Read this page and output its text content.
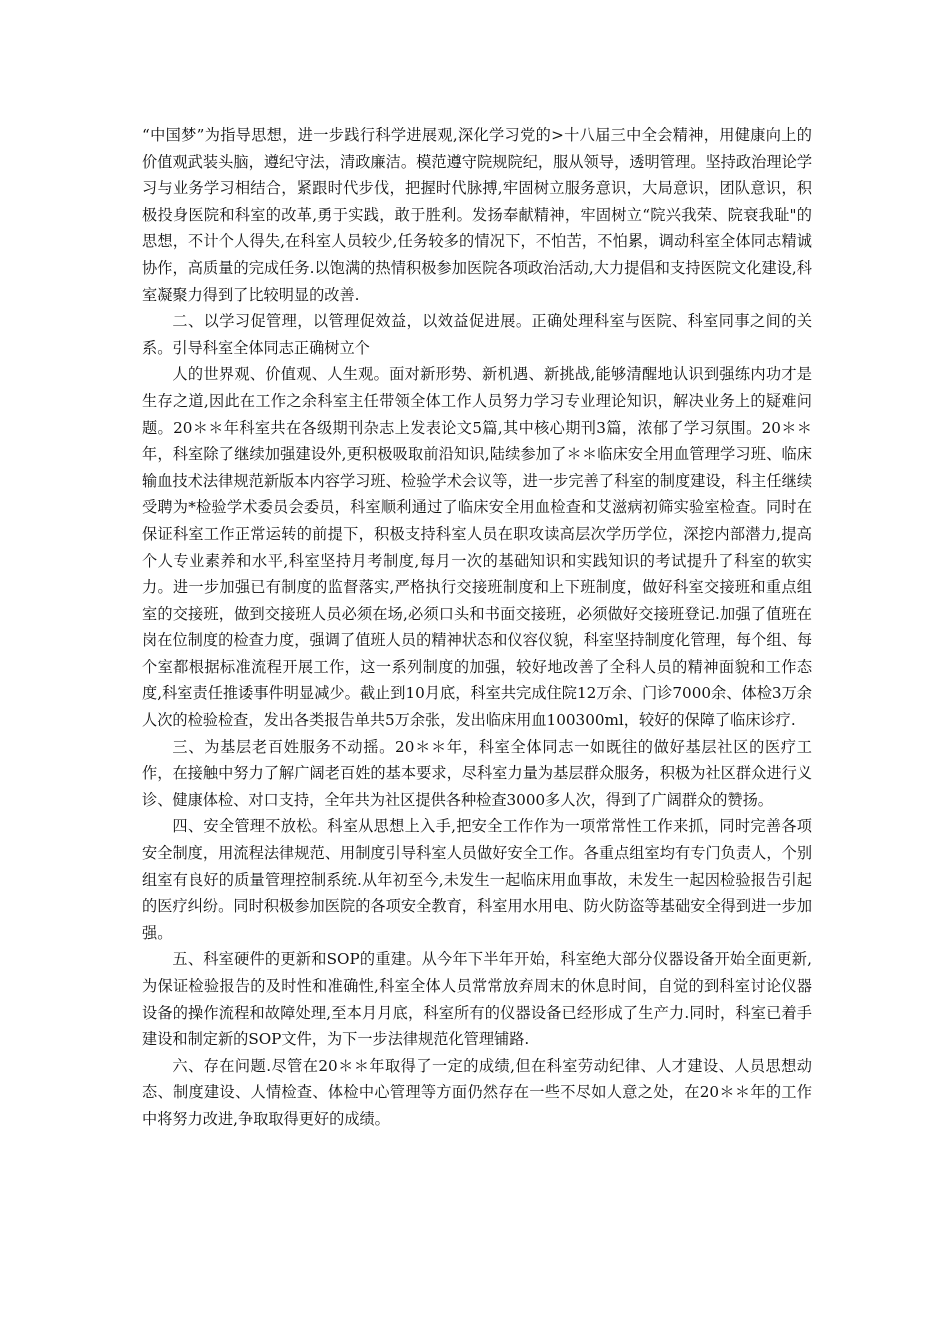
“中国梦”为指导思想，进一步践行科学进展观,深化学习党的>十八届三中全会精神，用健康向上的价值观武装头脑，遵纪守法，清政廉洁。模范遵守院规院纪，服从领导，透明管理。坚持政治理论学习与业务学习相结合，紧跟时代步伐，把握时代脉搏,牢固树立服务意识，大局意识，团队意识，积极投身医院和科室的改革,勇于实践，敢于胜利。发扬奉献精神，牢固树立“院兴我荣、院衰我耻"的思想，不计个人得失,在科室人员较少,任务较多的情况下，不怕苦，不怕累，调动科室全体同志精诚协作，高质量的完成任务.以饱满的热情积极参加医院各项政治活动,大力提倡和支持医院文化建设,科室凝聚力得到了比较明显的改善.

二、以学习促管理，以管理促效益，以效益促进展。正确处理科室与医院、科室同事之间的关系。引导科室全体同志正确树立个

人的世界观、价值观、人生观。面对新形势、新机遇、新挑战,能够清醒地认识到强练内功才是生存之道,因此在工作之余科室主任带领全体工作人员努力学习专业理论知识，解决业务上的疑难问题。20＊＊年科室共在各级期刊杂志上发表论文5篇,其中核心期刊3篇，浓郁了学习氛围。20＊＊年，科室除了继续加强建设外,更积极吸取前沿知识,陆续参加了＊＊临床安全用血管理学习班、临床输血技术法律规范新版本内容学习班、检验学术会议等，进一步完善了科室的制度建设，科主任继续受聘为*检验学术委员会委员，科室顺利通过了临床安全用血检查和艾滋病初筛实验室检查。同时在保证科室工作正常运转的前提下，积极支持科室人员在职攻读高层次学历学位，深挖内部潜力,提高个人专业素养和水平,科室坚持月考制度,每月一次的基础知识和实践知识的考试提升了科室的软实力。进一步加强已有制度的监督落实,严格执行交接班制度和上下班制度，做好科室交接班和重点组室的交接班，做到交接班人员必须在场,必须口头和书面交接班，必须做好交接班登记.加强了值班在岗在位制度的检查力度，强调了值班人员的精神状态和仪容仪貌，科室坚持制度化管理，每个组、每个室都根据标准流程开展工作，这一系列制度的加强，较好地改善了全科人员的精神面貌和工作态度,科室责任推诿事件明显减少。截止到10月底，科室共完成住院12万余、门诊7000余、体检3万余人次的检验检查，发出各类报告单共5万余张，发出临床用血100300ml，较好的保障了临床诊疗.

三、为基层老百姓服务不动摇。20＊＊年，科室全体同志一如既往的做好基层社区的医疗工作，在接触中努力了解广阔老百姓的基本要求，尽科室力量为基层群众服务，积极为社区群众进行义诊、健康体检、对口支持，全年共为社区提供各种检查3000多人次，得到了广阔群众的赞扬。

四、安全管理不放松。科室从思想上入手,把安全工作作为一项常常性工作来抓，同时完善各项安全制度，用流程法律规范、用制度引导科室人员做好安全工作。各重点组室均有专门负责人，个别组室有良好的质量管理控制系统.从年初至今,未发生一起临床用血事故，未发生一起因检验报告引起的医疗纠纷。同时积极参加医院的各项安全教育，科室用水用电、防火防盗等基础安全得到进一步加强。

五、科室硬件的更新和SOP的重建。从今年下半年开始，科室绝大部分仪器设备开始全面更新,为保证检验报告的及时性和准确性,科室全体人员常常放弃周末的休息时间，自觉的到科室讨论仪器设备的操作流程和故障处理,至本月月底，科室所有的仪器设备已经形成了生产力.同时，科室已着手建设和制定新的SOP文件，为下一步法律规范化管理铺路.

六、存在问题.尽管在20＊＊年取得了一定的成绩,但在科室劳动纪律、人才建设、人员思想动态、制度建设、人情检查、体检中心管理等方面仍然存在一些不尽如人意之处，在20＊＊年的工作中将努力改进,争取取得更好的成绩。
